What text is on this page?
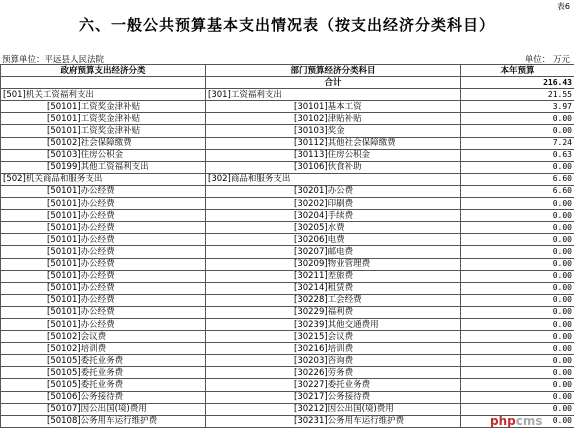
表6
六、一般公共预算基本支出情况表（按支出经济分类科目）
预算单位：平远县人民法院	单位： 万元
政府预算支出经济分类	部门预算经济分类科目	本年预算
	合计	216.43
[501]机关工资福利支出	[301]工资福利支出	21.55
[50101]工资奖金津补贴	[30101]基本工资	3.97
[50101]工资奖金津补贴	[30102]津贴补贴	0.00
[50101]工资奖金津补贴	[30103]奖金	0.00
[50102]社会保障缴费	[30112]其他社会保障缴费	7.24
[50103]住房公积金	[30113]住房公积金	0.63
[50199]其他工资福利支出	[30106]伙食补助	0.00
[502]机关商品和服务支出	[302]商品和服务支出	6.60
[50101]办公经费	[30201]办公费	6.60
[50101]办公经费	[30202]印刷费	0.00
[50101]办公经费	[30204]手续费	0.00
[50101]办公经费	[30205]水费	0.00
[50101]办公经费	[30206]电费	0.00
[50101]办公经费	[30207]邮电费	0.00
[50101]办公经费	[30209]物业管理费	0.00
[50101]办公经费	[30211]差旅费	0.00
[50101]办公经费	[30214]租赁费	0.00
[50101]办公经费	[30228]工会经费	0.00
[50101]办公经费	[30229]福利费	0.00
[50101]办公经费	[30239]其他交通费用	0.00
[50102]会议费	[30215]会议费	0.00
[50102]培训费	[30216]培训费	0.00
[50105]委托业务费	[30203]咨询费	0.00
[50105]委托业务费	[30226]劳务费	0.00
[50105]委托业务费	[30227]委托业务费	0.00
[50106]公务接待费	[30217]公务接待费	0.00
[50107]因公出国(境)费用	[30212]因公出国(境)费用	0.00
[50108]公务用车运行维护费	[30231]公务用车运行维护费	0.00
phpcms
